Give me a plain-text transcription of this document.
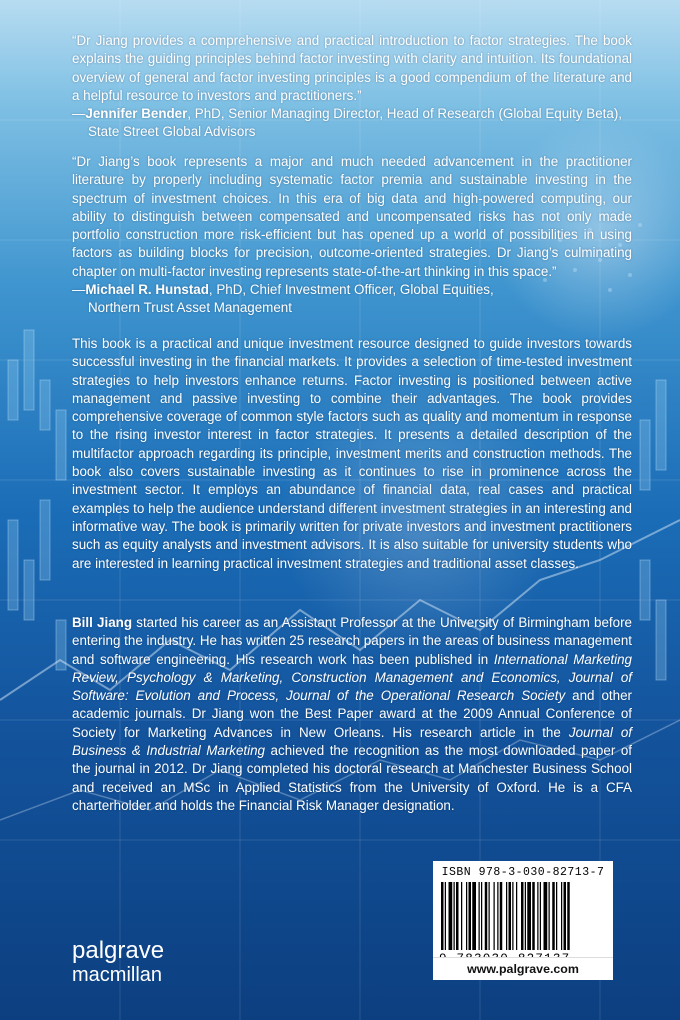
“Dr Jiang provides a comprehensive and practical introduction to factor strategies. The book explains the guiding principles behind factor investing with clarity and intuition. Its foundational overview of general and factor investing principles is a good compendium of the literature and a helpful resource to investors and practitioners.”

—Jennifer Bender, PhD, Senior Managing Director, Head of Research (Global Equity Beta),
State Street Global Advisors

“Dr Jiang’s book represents a major and much needed advancement in the practitioner literature by properly including systematic factor premia and sustainable investing in the spectrum of investment choices. In this era of big data and high-powered computing, our ability to distinguish between compensated and uncompensated risks has not only made portfolio construction more risk-efficient but has opened up a world of possibilities in using factors as building blocks for precision, outcome-oriented strategies. Dr Jiang’s culminating chapter on multi-factor investing represents state-of-the-art thinking in this space.”

—Michael R. Hunstad, PhD, Chief Investment Officer, Global Equities,
Northern Trust Asset Management

This book is a practical and unique investment resource designed to guide investors towards successful investing in the financial markets. It provides a selection of time-tested investment strategies to help investors enhance returns. Factor investing is positioned between active management and passive investing to combine their advantages. The book provides comprehensive coverage of common style factors such as quality and momentum in response to the rising investor interest in factor strategies. It presents a detailed description of the multifactor approach regarding its principle, investment merits and construction methods. The book also covers sustainable investing as it continues to rise in prominence across the investment sector. It employs an abundance of financial data, real cases and practical examples to help the audience understand different investment strategies in an interesting and informative way. The book is primarily written for private investors and investment practitioners such as equity analysts and investment advisors. It is also suitable for university students who are interested in learning practical investment strategies and traditional asset classes.

Bill Jiang started his career as an Assistant Professor at the University of Birmingham before entering the industry. He has written 25 research papers in the areas of business management and software engineering. His research work has been published in International Marketing Review, Psychology & Marketing, Construction Management and Economics, Journal of Software: Evolution and Process, Journal of the Operational Research Society and other academic journals. Dr Jiang won the Best Paper award at the 2009 Annual Conference of Society for Marketing Advances in New Orleans. His research article in the Journal of Business & Industrial Marketing achieved the recognition as the most downloaded paper of the journal in 2012. Dr Jiang completed his doctoral research at Manchester Business School and received an MSc in Applied Statistics from the University of Oxford. He is a CFA charterholder and holds the Financial Risk Manager designation.

ISBN 978-3-030-82713-7
www.palgrave.com
palgrave
macmillan
